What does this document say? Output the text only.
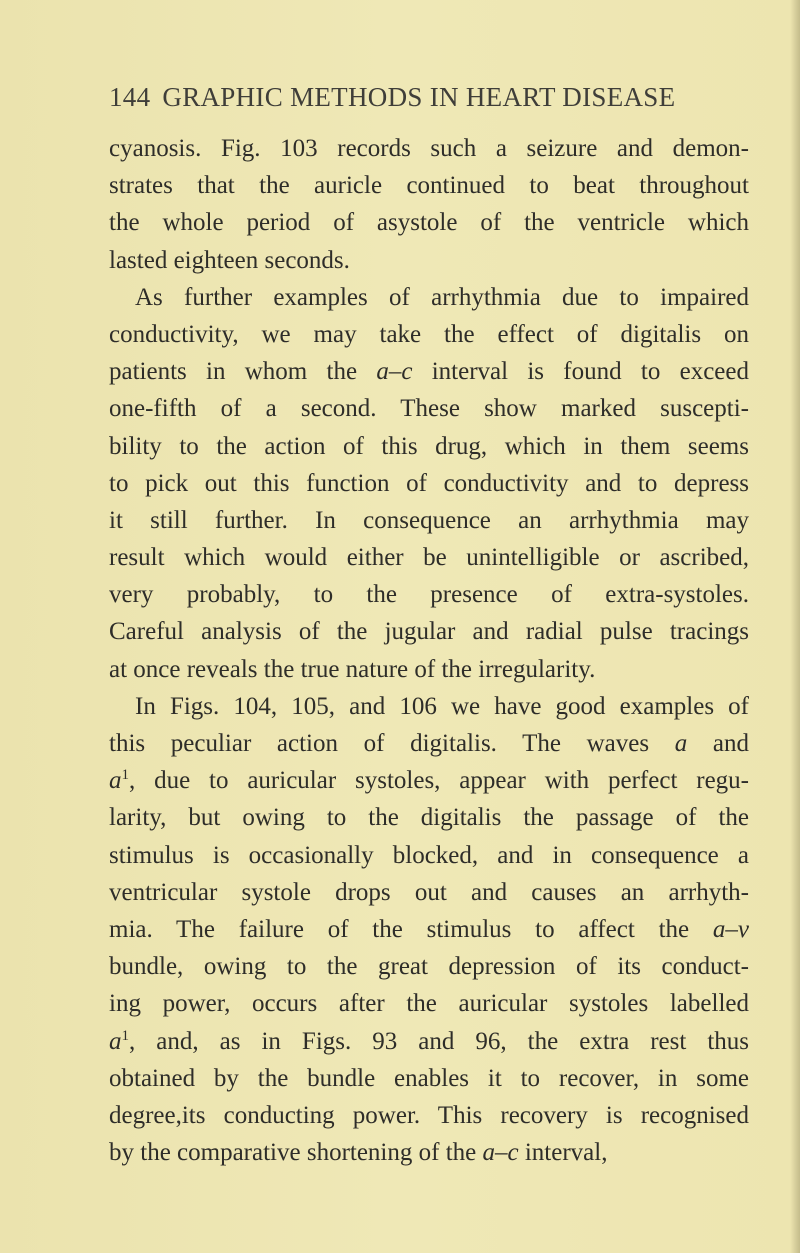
144 GRAPHIC METHODS IN HEART DISEASE
cyanosis. Fig. 103 records such a seizure and demon-
strates that the auricle continued to beat throughout
the whole period of asystole of the ventricle which
lasted eighteen seconds.
As further examples of arrhythmia due to impaired
conductivity, we may take the effect of digitalis on
patients in whom the a–c interval is found to exceed
one-fifth of a second. These show marked suscepti-
bility to the action of this drug, which in them seems
to pick out this function of conductivity and to depress
it still further. In consequence an arrhythmia may
result which would either be unintelligible or ascribed,
very probably, to the presence of extra-systoles.
Careful analysis of the jugular and radial pulse tracings
at once reveals the true nature of the irregularity.
In Figs. 104, 105, and 106 we have good examples of
this peculiar action of digitalis. The waves a and
$a^1$, due to auricular systoles, appear with perfect regu-
larity, but owing to the digitalis the passage of the
stimulus is occasionally blocked, and in consequence a
ventricular systole drops out and causes an arrhyth-
mia. The failure of the stimulus to affect the a–v
bundle, owing to the great depression of its conduct-
ing power, occurs after the auricular systoles labelled
$a^1$, and, as in Figs. 93 and 96, the extra rest thus
obtained by the bundle enables it to recover, in some
degree,its conducting power. This recovery is recognised
by the comparative shortening of the a–c interval,
